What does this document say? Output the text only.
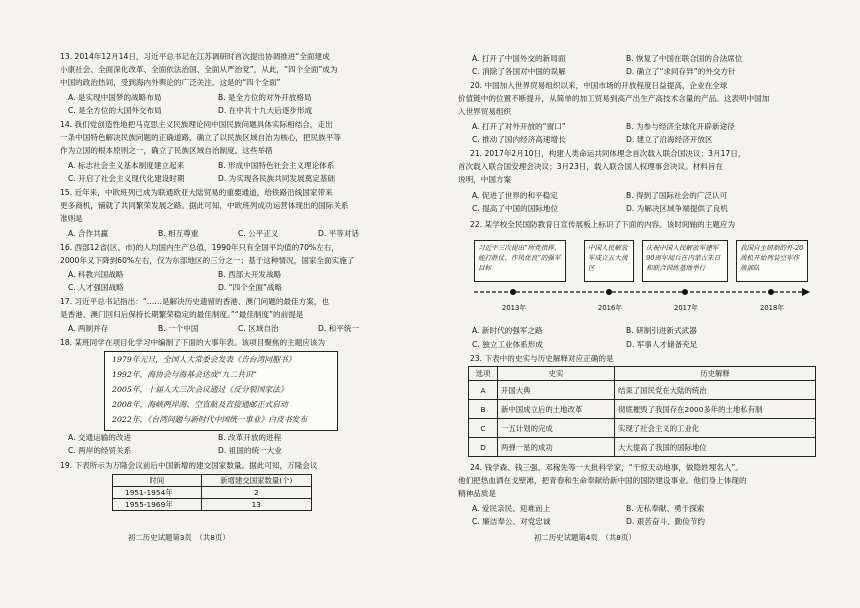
13. 2014年12月14日，习近平总书记在江苏调研时首次提出协调推进“全面建成
小康社会、全面深化改革、全面依法治国、全面从严治党”，从此，“四个全面”成为
中国的政治热词，受到海内外舆论的广泛关注。这是的“四个全面”
A. 是实现中国梦的战略布局	B. 是全方位的对外开放格局
C. 是全方位的大国外交布局	D. 在中共十九大后逐步形成
14. 我们党创造性地把马克思主义民族理论同中国民族问题具体实际相结合，走出
一条中国特色解决民族问题的正确道路，确立了以民族区域自治为核心，把民族平等
作为立国的根本原则之一，确立了民族区域自治制度。这些举措
A. 标志社会主义基本制度建立起来	B. 形成中国特色社会主义理论体系
C. 开启了社会主义现代化建设时期	D. 为实现各民族共同发展奠定基础
15. 近年来，中欧班列已成为联通欧亚大陆贸易的重要通道，给铁路沿线国家带来
更多商机，铺就了共同繁荣发展之路。据此可知，中欧班列成功运营体现出的国际关系
准则是
A. 合作共赢	B. 相互尊重	C. 公平正义	D. 平等对话
16. 西部12省(区、市)的人均国内生产总值，1990年只有全国平均值的70%左右，
2000年又下降到60%左右，仅为东部地区的三分之一；基于这种情况，国家全面实施了
A. 科教兴国战略	B. 西部大开发战略
C. 人才强国战略	D. “四个全面”战略
17. 习近平总书记指出：“……是解决历史遗留的香港、澳门问题的最佳方案，也
是香港、澳门回归后保持长期繁荣稳定的最佳制度。”“最佳制度”的前提是
A. 两制并存	B. 一个中国	C. 区域自治	D. 和平统一
18. 某班同学在项目化学习中编制了下面的大事年表。该项目聚焦的主题应该为
1979年元旦，全国人大常委会发表《告台湾同胞书》
1992年，海协会与海基会达成“九二共识”
2005年，十届人大三次会议通过《反分裂国家法》
2008年，海峡两岸海、空直航及直接通邮正式启动
2022年，《台湾问题与新时代中国统一事业》白皮书发布
A. 交通运输的改进	B. 改革开放的进程
C. 两岸的经贸关系	D. 祖国的统一大业
19. 下表所示为万隆会议前后中国新增的建交国家数量。据此可知，万隆会议
时间	新增建交国家数量(个)
1951-1954年	2
1955-1969年	13
初二历史试题第3页　（共8页）
A. 打开了中国外交的新局面	B. 恢复了中国在联合国的合法席位
C. 消除了各国对中国的误解	D. 确立了“求同存异”的外交方针
20. 中国加入世界贸易组织以来，中国市场的开放程度日益提高，企业在全球
价值链中的位置不断提升，从简单的加工贸易到高产出生产高技术含量的产品。这表明中国加
入世界贸易组织
A. 打开了对外开放的“窗口”	B. 为参与经济全球化开辟新途径
C. 推动了国内经济高速增长	D. 建立了沿海经济开放区
21. 2017年2月10日，构建人类命运共同体理念首次载入联合国决议；3月17日，
首次载入联合国安理会决议；3月23日，载入联合国人权理事会决议。材料旨在
说明，中国方案
A. 促进了世界的和平稳定	B. 得到了国际社会的广泛认可
C. 提高了中国的国际地位	D. 为解决区域争端提供了良机
22. 某学校全民国防教育日宣传展板上标识了下面的内容。该时间轴的主题应为
习近平三次提出“所党指挥、能打胜仗、作风优良”的强军目标
中国人民解放军成立五大战区
庆祝中国人民解放军建军90周年阅兵在内蒙古朱日和联合训练基地举行
我国自主研制的歼-20战机开始列装空军作战部队
2013年	2016年	2017年	2018年
A. 新时代的强军之路	B. 研制引进新式武器
C. 独立工业体系形成	D. 军事人才储备充足
23. 下表中的史实与历史解释对应正确的是
选项	史实	历史解释
A	开国大典	结束了国民党在大陆的统治
B	新中国成立后的土地改革	彻底摧毁了我国存在2000多年的土地私有制
C	一五计划的完成	实现了社会主义的工业化
D	两弹一星的成功	大大提高了我国的国际地位
24. 钱学森、钱三强、邓稼先等一大批科学家，“干惊天动地事，做隐姓埋名人”。
他们把热血洒在戈壁滩，把青春和生命奉献给新中国的国防建设事业。他们身上体现的
精神品质是
A. 爱民亲民、迎难而上	B. 无私奉献、勇于探索
C. 廉洁奉公、对党忠诚	D. 艰苦奋斗、勤俭节约
初二历史试题第4页　（共8页）
